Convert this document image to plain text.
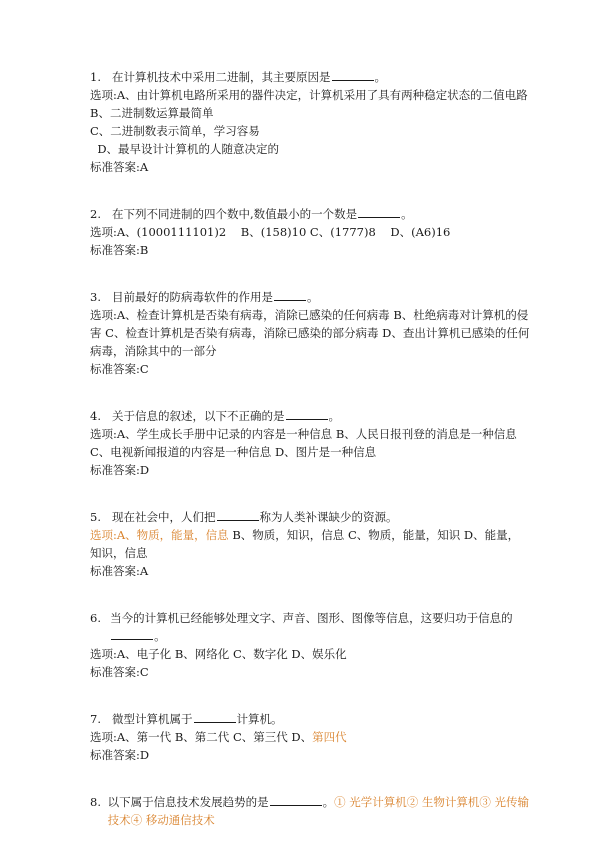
1. 在计算机技术中采用二进制，其主要原因是	。

选项:A、由计算机电路所采用的器件决定，计算机采用了具有两种稳定状态的二值电路

B、二进制数运算最简单

C、二进制数表示简单，学习容易

D、最早设计计算机的人随意决定的

标准答案:A

2. 在下列不同进制的四个数中,数值最小的一个数是	。

选项:A、(1000111101)2    B、(158)10 C、(1777)8    D、(A6)16

标准答案:B

3. 目前最好的防病毒软件的作用是	。

选项:A、检查计算机是否染有病毒，消除已感染的任何病毒 B、杜绝病毒对计算机的侵害 C、检查计算机是否染有病毒，消除已感染的部分病毒 D、查出计算机已感染的任何病毒，消除其中的一部分

标准答案:C

4. 关于信息的叙述，以下不正确的是	。

选项:A、学生成长手册中记录的内容是一种信息 B、人民日报刊登的消息是一种信息 C、电视新闻报道的内容是一种信息 D、图片是一种信息

标准答案:D

5. 现在社会中，人们把	称为人类补课缺少的资源。

选项:A、物质，能量，信息 B、物质，知识，信息 C、物质，能量，知识 D、能量，知识，信息

标准答案:A

6. 当今的计算机已经能够处理文字、声音、图形、图像等信息，这要归功于信息的。

选项:A、电子化 B、网络化 C、数字化 D、娱乐化

标准答案:C

7. 微型计算机属于	计算机。

选项:A、第一代 B、第二代 C、第三代 D、第四代

标准答案:D

8. 以下属于信息技术发展趋势的是	。① 光学计算机② 生物计算机③ 光传输技术④ 移动通信技术
